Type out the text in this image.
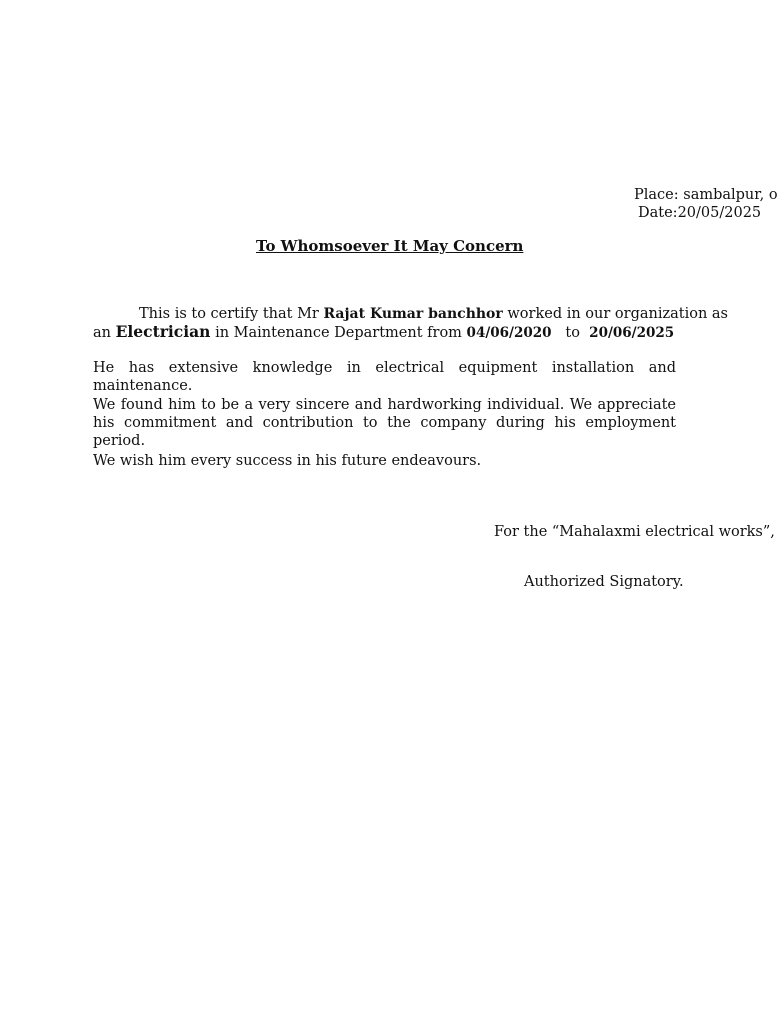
Place: sambalpur, o
Date:20/05/2025
To Whomsoever It May Concern
This is to certify that Mr Rajat Kumar banchhor worked in our organization as
an Electrician in Maintenance Department from 04/06/2020 to 20/06/2025
He has extensive knowledge in electrical equipment installation and maintenance.
We found him to be a very sincere and hardworking individual. We appreciate his commitment and contribution to the company during his employment period.
We wish him every success in his future endeavours.
For the “Mahalaxmi electrical works”,
Authorized Signatory.
